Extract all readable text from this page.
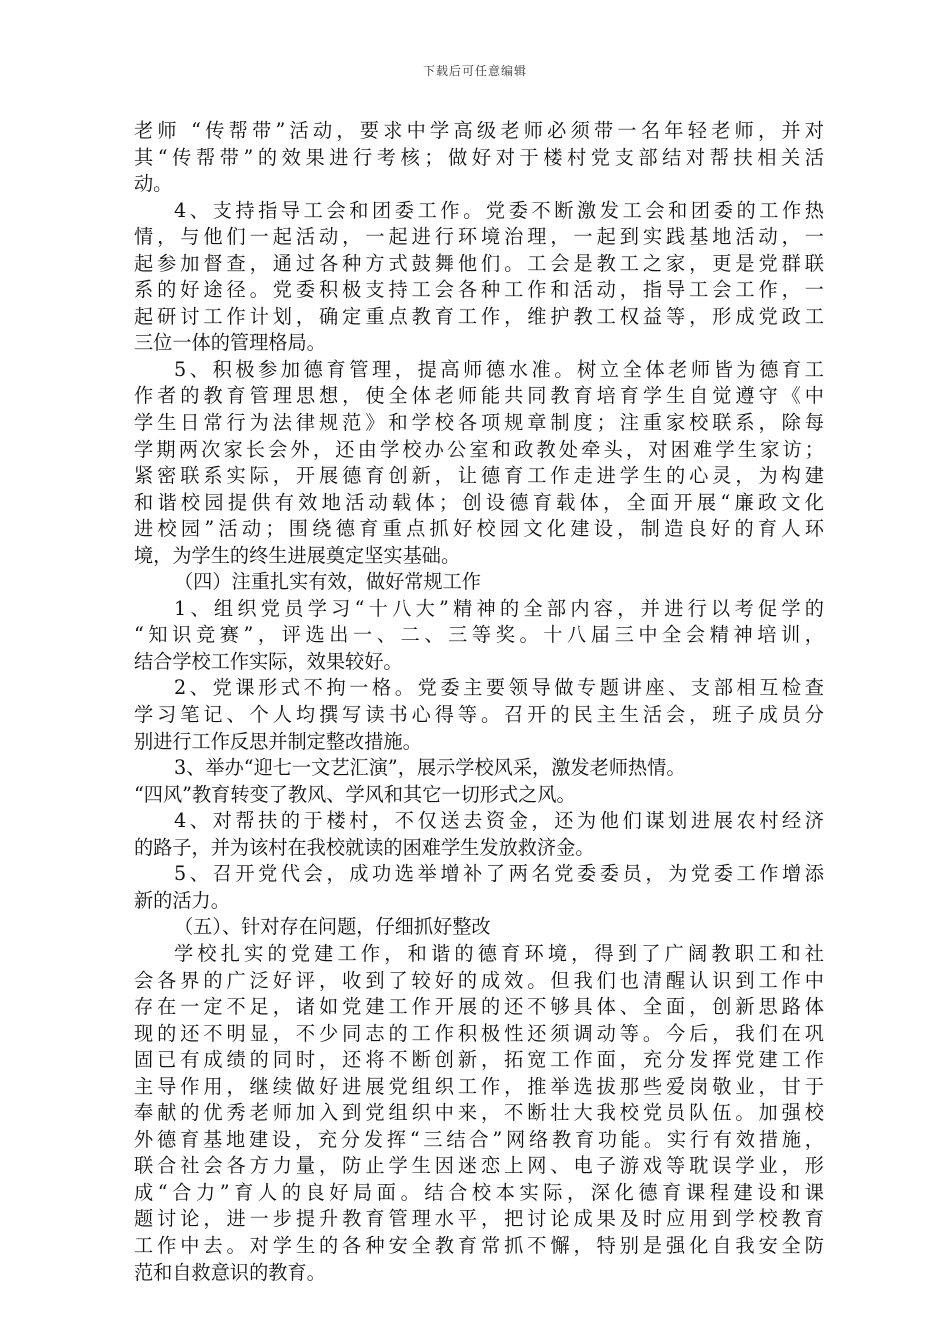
下载后可任意编辑
老师 “传帮带”活动，要求中学高级老师必须带一名年轻老师，并对
其“传帮带”的效果进行考核；做好对于楼村党支部结对帮扶相关活
动。
4、支持指导工会和团委工作。党委不断激发工会和团委的工作热
情，与他们一起活动，一起进行环境治理，一起到实践基地活动，一
起参加督查，通过各种方式鼓舞他们。工会是教工之家，更是党群联
系的好途径。党委积极支持工会各种工作和活动，指导工会工作，一
起研讨工作计划，确定重点教育工作，维护教工权益等，形成党政工
三位一体的管理格局。
5、积极参加德育管理，提高师德水准。树立全体老师皆为德育工
作者的教育管理思想，使全体老师能共同教育培育学生自觉遵守《中
学生日常行为法律规范》和学校各项规章制度；注重家校联系，除每
学期两次家长会外，还由学校办公室和政教处牵头，对困难学生家访；
紧密联系实际，开展德育创新，让德育工作走进学生的心灵，为构建
和谐校园提供有效地活动载体；创设德育载体，全面开展“廉政文化
进校园”活动；围绕德育重点抓好校园文化建设，制造良好的育人环
境，为学生的终生进展奠定坚实基础。
（四）注重扎实有效，做好常规工作
1、组织党员学习“十八大”精神的全部内容，并进行以考促学的
“知识竞赛”，评选出一、二、三等奖。十八届三中全会精神培训，
结合学校工作实际，效果较好。
2、党课形式不拘一格。党委主要领导做专题讲座、支部相互检查
学习笔记、个人均撰写读书心得等。召开的民主生活会，班子成员分
别进行工作反思并制定整改措施。
3、举办“迎七一文艺汇演”，展示学校风采，激发老师热情。
“四风”教育转变了教风、学风和其它一切形式之风。
4、对帮扶的于楼村，不仅送去资金，还为他们谋划进展农村经济
的路子，并为该村在我校就读的困难学生发放救济金。
5、召开党代会，成功选举增补了两名党委委员，为党委工作增添
新的活力。
（五）、针对存在问题，仔细抓好整改
学校扎实的党建工作，和谐的德育环境，得到了广阔教职工和社
会各界的广泛好评，收到了较好的成效。但我们也清醒认识到工作中
存在一定不足，诸如党建工作开展的还不够具体、全面，创新思路体
现的还不明显，不少同志的工作积极性还须调动等。今后，我们在巩
固已有成绩的同时，还将不断创新，拓宽工作面，充分发挥党建工作
主导作用，继续做好进展党组织工作，推举选拔那些爱岗敬业，甘于
奉献的优秀老师加入到党组织中来，不断壮大我校党员队伍。加强校
外德育基地建设，充分发挥“三结合”网络教育功能。实行有效措施，
联合社会各方力量，防止学生因迷恋上网、电子游戏等耽误学业，形
成“合力”育人的良好局面。结合校本实际，深化德育课程建设和课
题讨论，进一步提升教育管理水平，把讨论成果及时应用到学校教育
工作中去。对学生的各种安全教育常抓不懈，特别是强化自我安全防
范和自救意识的教育。
